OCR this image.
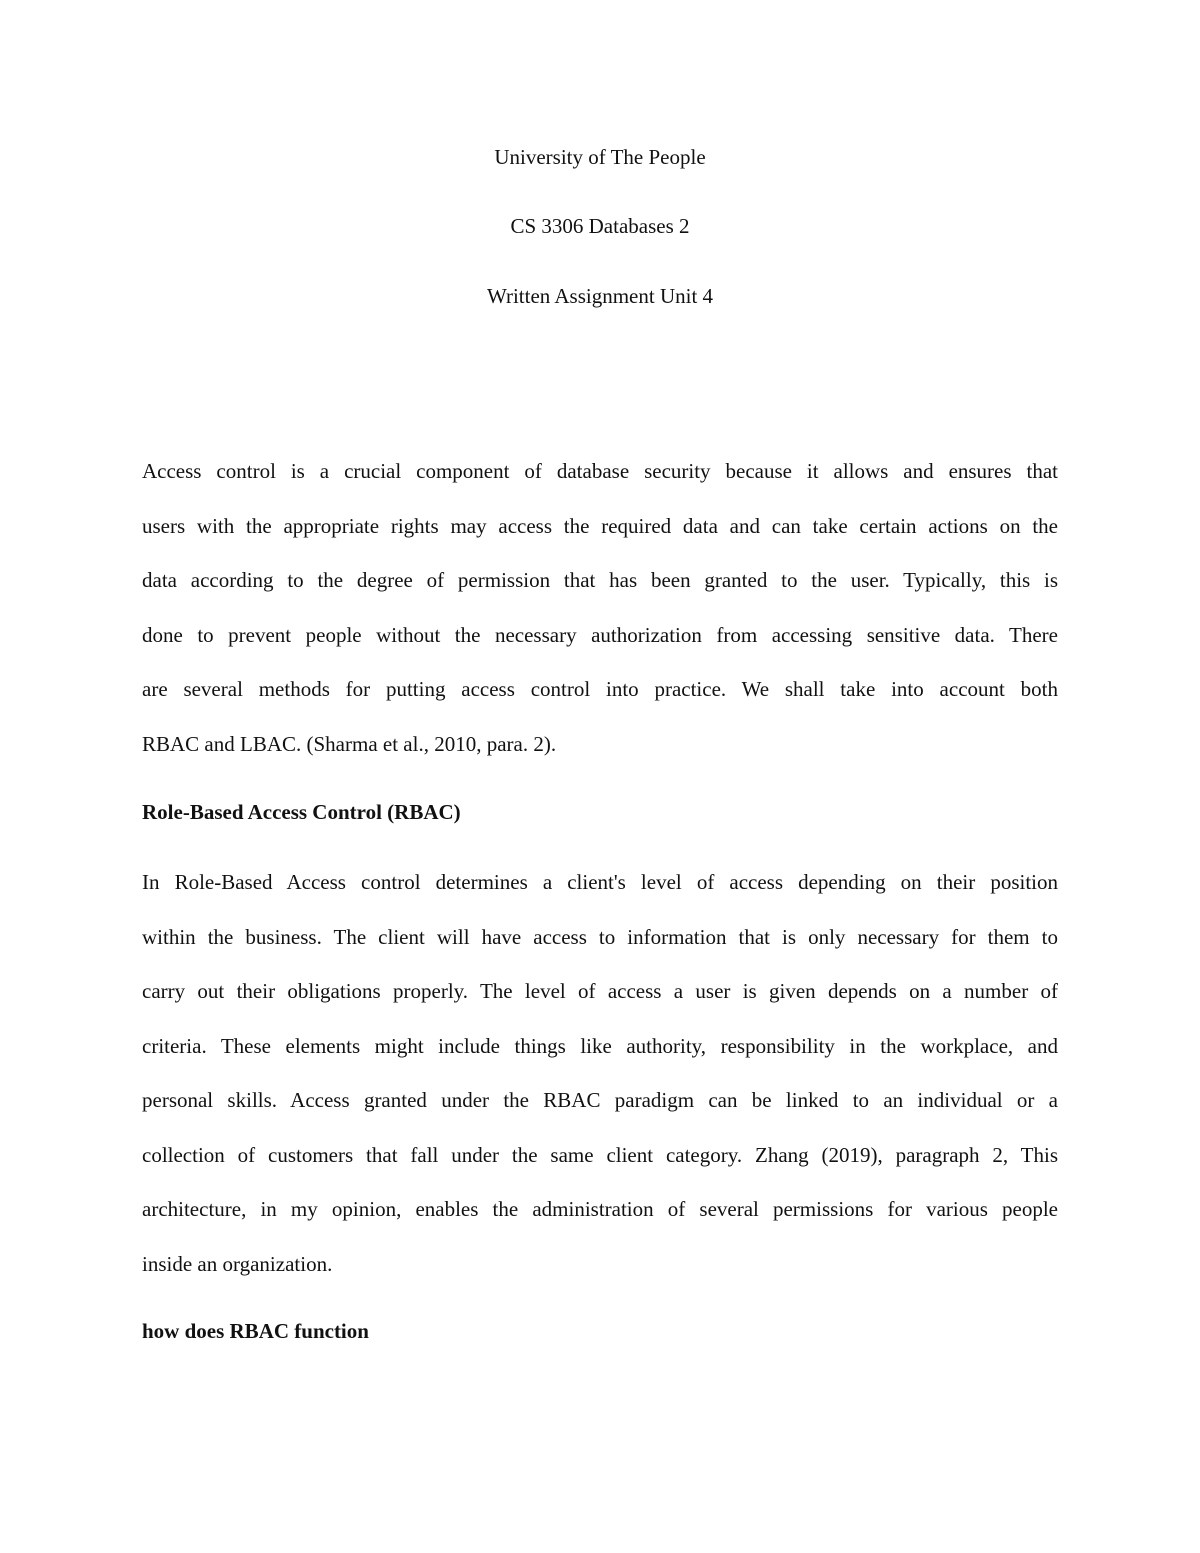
University of The People
CS 3306 Databases 2
Written Assignment Unit 4
Access control is a crucial component of database security because it allows and ensures that
users with the appropriate rights may access the required data and can take certain actions on the
data according to the degree of permission that has been granted to the user. Typically, this is
done to prevent people without the necessary authorization from accessing sensitive data. There
are several methods for putting access control into practice. We shall take into account both
RBAC and LBAC. (Sharma et al., 2010, para. 2).
Role-Based Access Control (RBAC)
In Role-Based Access control determines a client's level of access depending on their position
within the business. The client will have access to information that is only necessary for them to
carry out their obligations properly. The level of access a user is given depends on a number of
criteria. These elements might include things like authority, responsibility in the workplace, and
personal skills. Access granted under the RBAC paradigm can be linked to an individual or a
collection of customers that fall under the same client category. Zhang (2019), paragraph 2, This
architecture, in my opinion, enables the administration of several permissions for various people
inside an organization.
how does RBAC function
